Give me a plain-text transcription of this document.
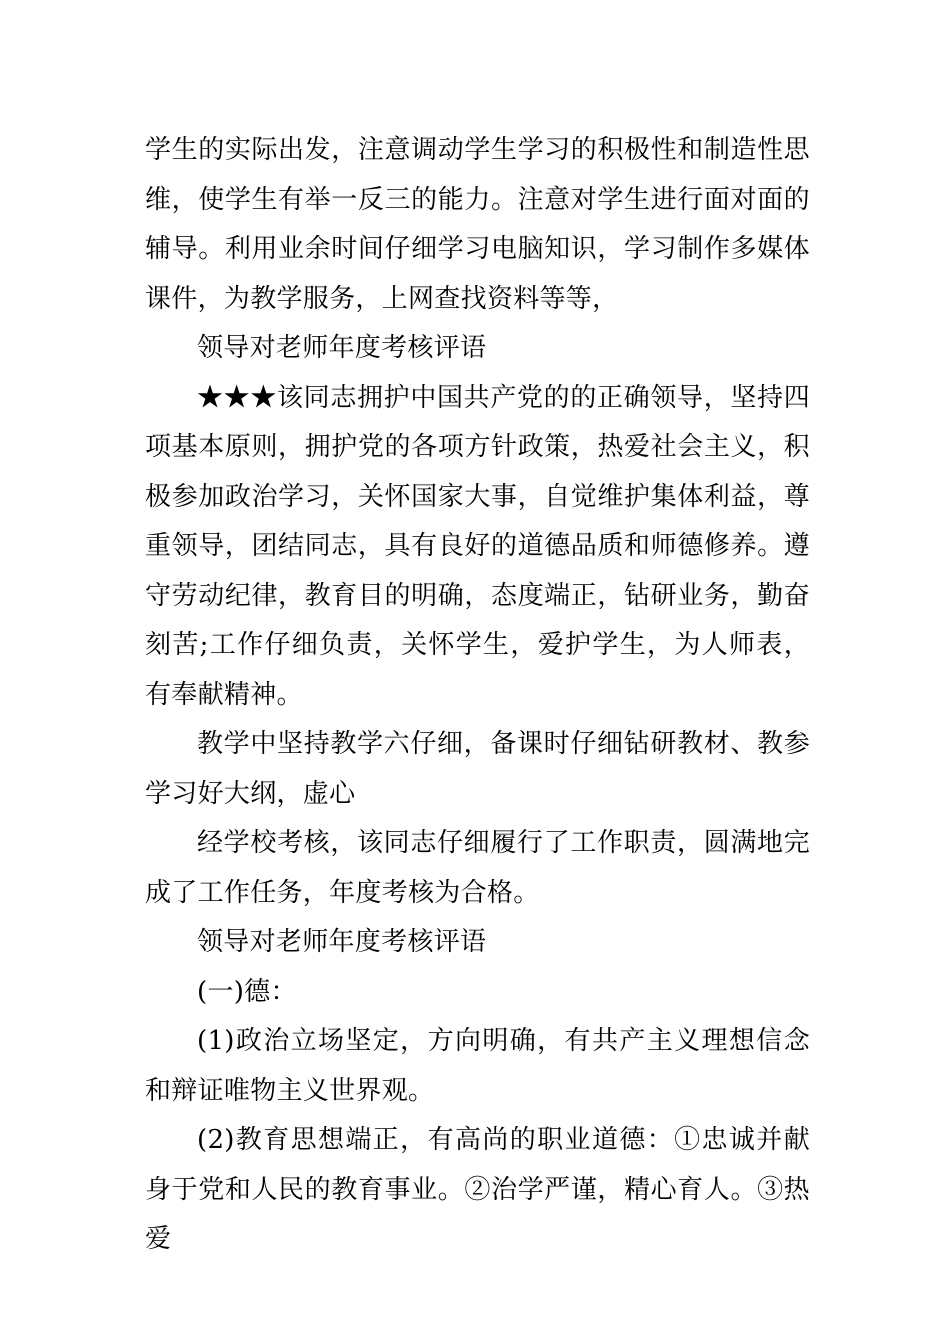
学生的实际出发，注意调动学生学习的积极性和制造性思维，使学生有举一反三的能力。注意对学生进行面对面的辅导。利用业余时间仔细学习电脑知识，学习制作多媒体课件，为教学服务，上网查找资料等等，

领导对老师年度考核评语

★★★该同志拥护中国共产党的的正确领导，坚持四项基本原则，拥护党的各项方针政策，热爱社会主义，积极参加政治学习，关怀国家大事，自觉维护集体利益，尊重领导，团结同志，具有良好的道德品质和师德修养。遵守劳动纪律，教育目的明确，态度端正，钻研业务，勤奋刻苦;工作仔细负责，关怀学生，爱护学生，为人师表，有奉献精神。

教学中坚持教学六仔细，备课时仔细钻研教材、教参学习好大纲，虚心

经学校考核，该同志仔细履行了工作职责，圆满地完成了工作任务，年度考核为合格。

领导对老师年度考核评语

(一)德：

(1)政治立场坚定，方向明确，有共产主义理想信念和辩证唯物主义世界观。

(2)教育思想端正，有高尚的职业道德：①忠诚并献身于党和人民的教育事业。②治学严谨，精心育人。③热爱
